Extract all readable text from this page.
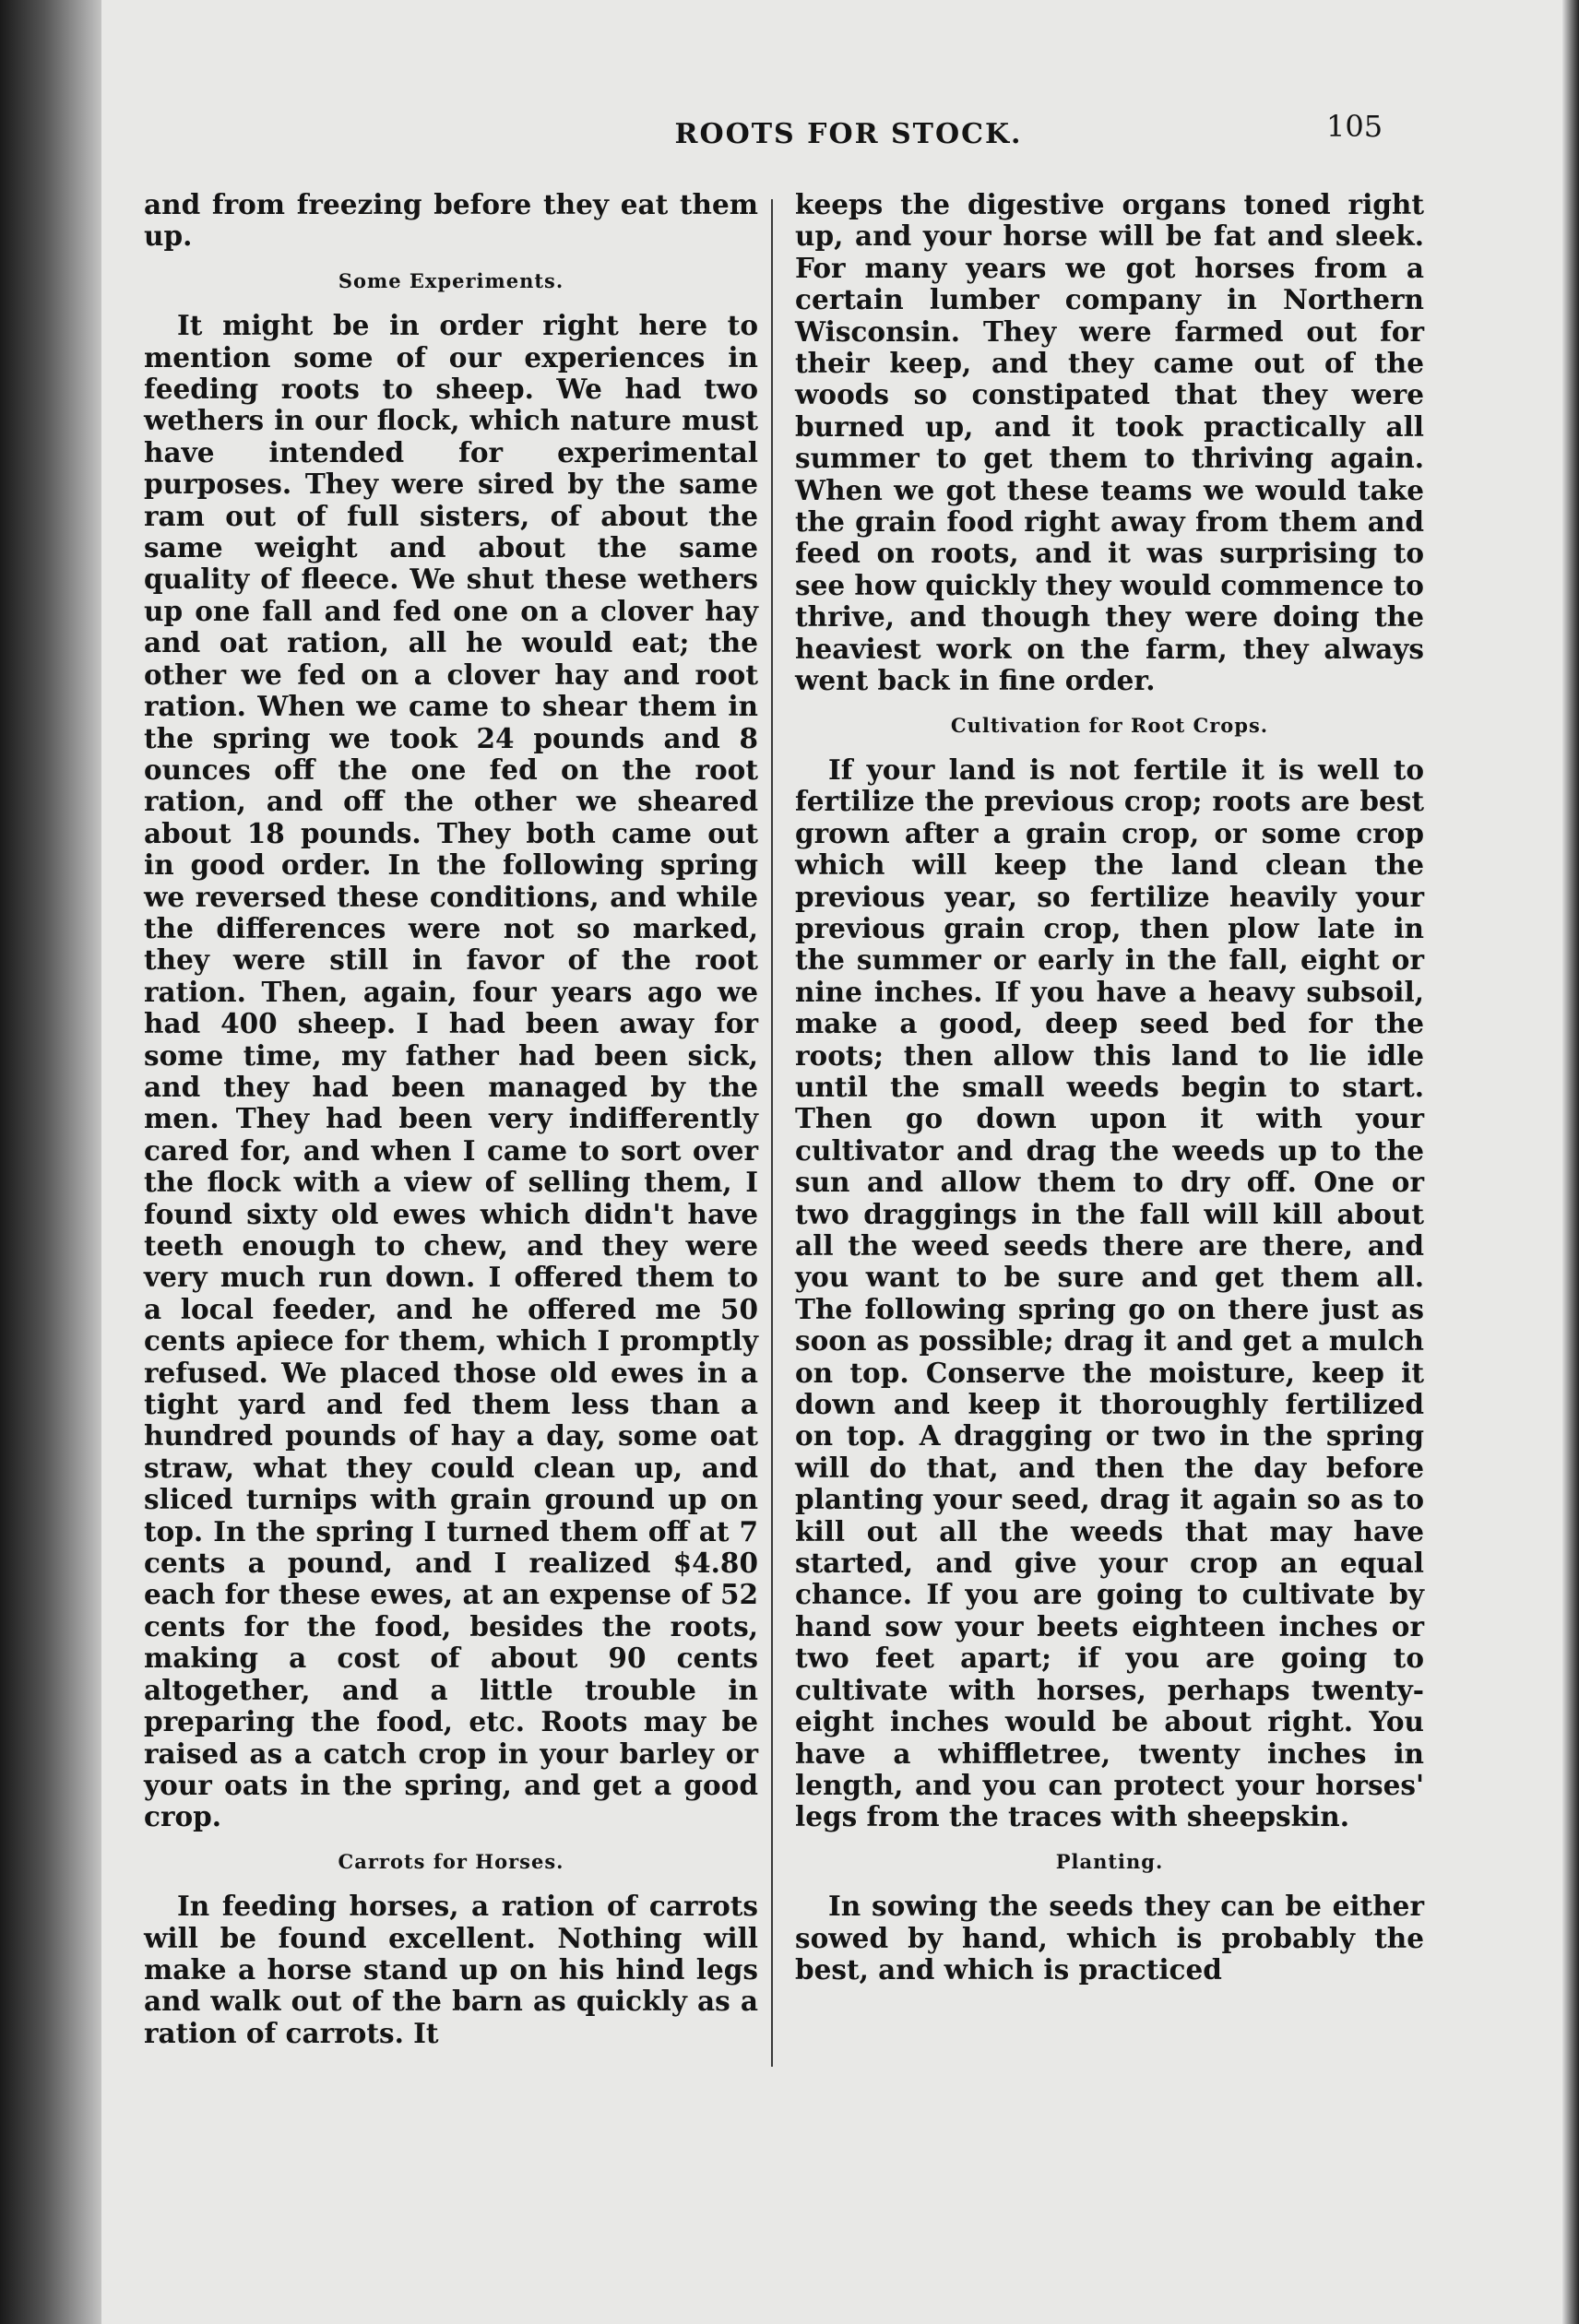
ROOTS FOR STOCK.	105

and from freezing before they eat them up.

Some Experiments.

It might be in order right here to mention some of our experiences in feeding roots to sheep. We had two wethers in our flock, which nature must have intended for experimental purposes. They were sired by the same ram out of full sisters, of about the same weight and about the same quality of fleece. We shut these wethers up one fall and fed one on a clover hay and oat ration, all he would eat; the other we fed on a clover hay and root ration. When we came to shear them in the spring we took 24 pounds and 8 ounces off the one fed on the root ration, and off the other we sheared about 18 pounds. They both came out in good order. In the following spring we reversed these conditions, and while the differences were not so marked, they were still in favor of the root ration. Then, again, four years ago we had 400 sheep. I had been away for some time, my father had been sick, and they had been managed by the men. They had been very indifferently cared for, and when I came to sort over the flock with a view of selling them, I found sixty old ewes which didn't have teeth enough to chew, and they were very much run down. I offered them to a local feeder, and he offered me 50 cents apiece for them, which I promptly refused. We placed those old ewes in a tight yard and fed them less than a hundred pounds of hay a day, some oat straw, what they could clean up, and sliced turnips with grain ground up on top. In the spring I turned them off at 7 cents a pound, and I realized $4.80 each for these ewes, at an expense of 52 cents for the food, besides the roots, making a cost of about 90 cents altogether, and a little trouble in preparing the food, etc. Roots may be raised as a catch crop in your barley or your oats in the spring, and get a good crop.

Carrots for Horses.

In feeding horses, a ration of carrots will be found excellent. Nothing will make a horse stand up on his hind legs and walk out of the barn as quickly as a ration of carrots. It

keeps the digestive organs toned right up, and your horse will be fat and sleek. For many years we got horses from a certain lumber company in Northern Wisconsin. They were farmed out for their keep, and they came out of the woods so constipated that they were burned up, and it took practically all summer to get them to thriving again. When we got these teams we would take the grain food right away from them and feed on roots, and it was surprising to see how quickly they would commence to thrive, and though they were doing the heaviest work on the farm, they always went back in fine order.

Cultivation for Root Crops.

If your land is not fertile it is well to fertilize the previous crop; roots are best grown after a grain crop, or some crop which will keep the land clean the previous year, so fertilize heavily your previous grain crop, then plow late in the summer or early in the fall, eight or nine inches. If you have a heavy subsoil, make a good, deep seed bed for the roots; then allow this land to lie idle until the small weeds begin to start. Then go down upon it with your cultivator and drag the weeds up to the sun and allow them to dry off. One or two draggings in the fall will kill about all the weed seeds there are there, and you want to be sure and get them all. The following spring go on there just as soon as possible; drag it and get a mulch on top. Conserve the moisture, keep it down and keep it thoroughly fertilized on top. A dragging or two in the spring will do that, and then the day before planting your seed, drag it again so as to kill out all the weeds that may have started, and give your crop an equal chance. If you are going to cultivate by hand sow your beets eighteen inches or two feet apart; if you are going to cultivate with horses, perhaps twenty-eight inches would be about right. You have a whiffletree, twenty inches in length, and you can protect your horses' legs from the traces with sheepskin.

Planting.

In sowing the seeds they can be either sowed by hand, which is probably the best, and which is practiced
